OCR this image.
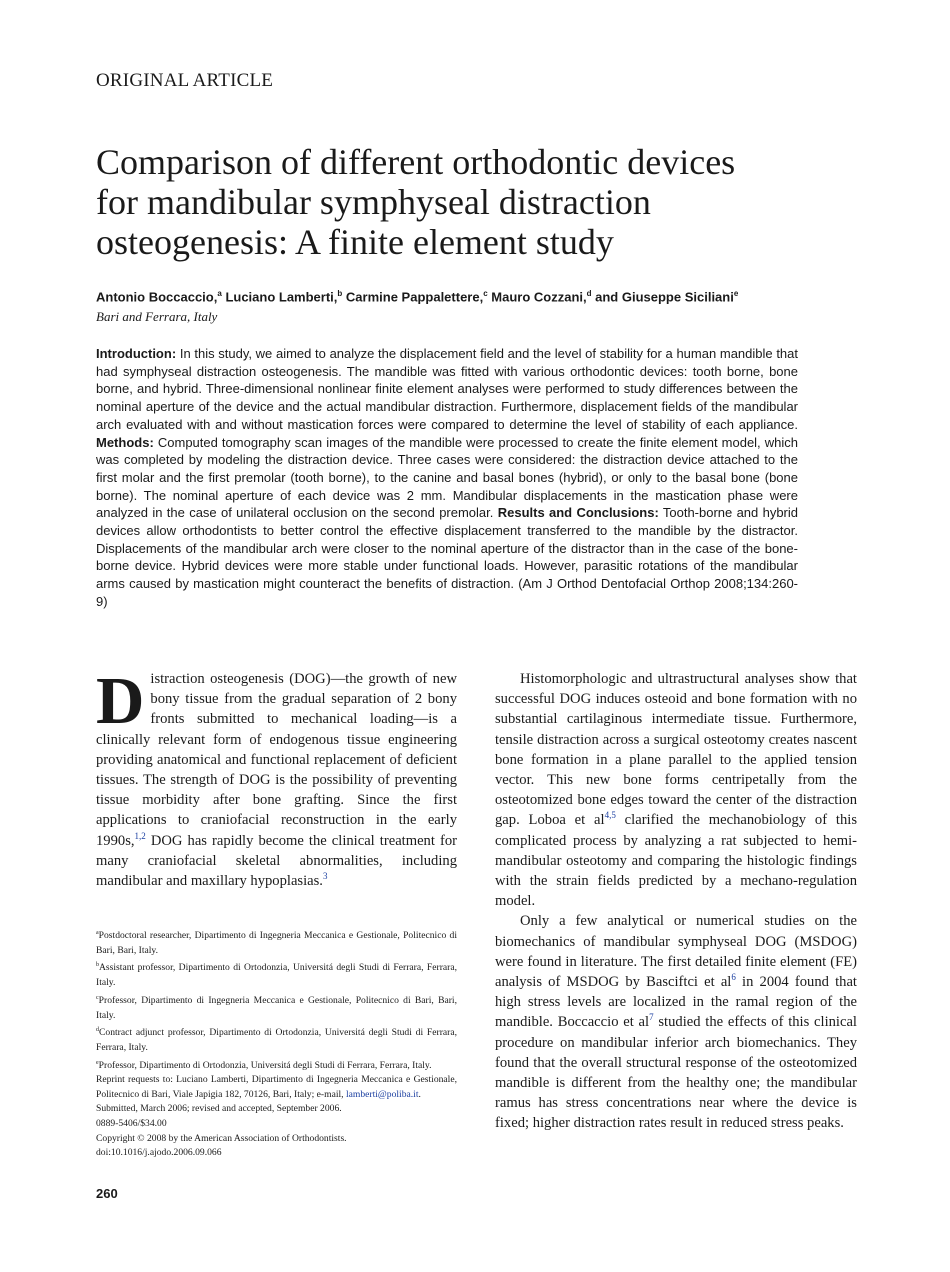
ORIGINAL ARTICLE
Comparison of different orthodontic devices
for mandibular symphyseal distraction
osteogenesis: A finite element study
Antonio Boccaccio,$^a$ Luciano Lamberti,$^b$ Carmine Pappalettere,$^c$ Mauro Cozzani,$^d$ and Giuseppe Siciliani$^e$
Bari and Ferrara, Italy
Introduction: In this study, we aimed to analyze the displacement field and the level of stability for a human mandible that had symphyseal distraction osteogenesis. The mandible was fitted with various orthodontic devices: tooth borne, bone borne, and hybrid. Three-dimensional nonlinear finite element analyses were performed to study differences between the nominal aperture of the device and the actual mandibular distraction. Furthermore, displacement fields of the mandibular arch evaluated with and without mastication forces were compared to determine the level of stability of each appliance. Methods: Computed tomography scan images of the mandible were processed to create the finite element model, which was completed by modeling the distraction device. Three cases were considered: the distraction device attached to the first molar and the first premolar (tooth borne), to the canine and basal bones (hybrid), or only to the basal bone (bone borne). The nominal aperture of each device was 2 mm. Mandibular displacements in the mastication phase were analyzed in the case of unilateral occlusion on the second premolar. Results and Conclusions: Tooth-borne and hybrid devices allow orthodontists to better control the effective displacement transferred to the mandible by the distractor. Displacements of the mandibular arch were closer to the nominal aperture of the distractor than in the case of the bone-borne device. Hybrid devices were more stable under functional loads. However, parasitic rotations of the mandibular arms caused by mastication might counteract the benefits of distraction. (Am J Orthod Dentofacial Orthop 2008;134:260-9)

Distraction osteogenesis (DOG)—the growth of new bony tissue from the gradual separation of 2 bony fronts submitted to mechanical loading—is a clinically relevant form of endogenous tissue engineering providing anatomical and functional replacement of deficient tissues. The strength of DOG is the possibility of preventing tissue morbidity after bone grafting. Since the first applications to craniofacial reconstruction in the early 1990s,$^{1,2}$ DOG has rapidly become the clinical treatment for many craniofacial skeletal abnormalities, including mandibular and maxillary hypoplasias.$^3$

$^a$Postdoctoral researcher, Dipartimento di Ingegneria Meccanica e Gestionale, Politecnico di Bari, Bari, Italy.
$^b$Assistant professor, Dipartimento di Ortodonzia, Universitá degli Studi di Ferrara, Ferrara, Italy.
$^c$Professor, Dipartimento di Ingegneria Meccanica e Gestionale, Politecnico di Bari, Bari, Italy.
$^d$Contract adjunct professor, Dipartimento di Ortodonzia, Universitá degli Studi di Ferrara, Ferrara, Italy.
$^e$Professor, Dipartimento di Ortodonzia, Universitá degli Studi di Ferrara, Ferrara, Italy.
Reprint requests to: Luciano Lamberti, Dipartimento di Ingegneria Meccanica e Gestionale, Politecnico di Bari, Viale Japigia 182, 70126, Bari, Italy; e-mail, lamberti@poliba.it.
Submitted, March 2006; revised and accepted, September 2006.
0889-5406/$34.00
Copyright © 2008 by the American Association of Orthodontists.
doi:10.1016/j.ajodo.2006.09.066

Histomorphologic and ultrastructural analyses show that successful DOG induces osteoid and bone formation with no substantial cartilaginous intermediate tissue. Furthermore, tensile distraction across a surgical osteotomy creates nascent bone formation in a plane parallel to the applied tension vector. This new bone forms centripetally from the osteotomized bone edges toward the center of the distraction gap. Loboa et al$^{4,5}$ clarified the mechanobiology of this complicated process by analyzing a rat subjected to hemi-mandibular osteotomy and comparing the histologic findings with the strain fields predicted by a mechano-regulation model.

Only a few analytical or numerical studies on the biomechanics of mandibular symphyseal DOG (MSDOG) were found in literature. The first detailed finite element (FE) analysis of MSDOG by Basciftci et al$^6$ in 2004 found that high stress levels are localized in the ramal region of the mandible. Boccaccio et al$^7$ studied the effects of this clinical procedure on mandibular inferior arch biomechanics. They found that the overall structural response of the osteotomized mandible is different from the healthy one; the mandibular ramus has stress concentrations near where the device is fixed; higher distraction rates result in reduced stress peaks.

260
